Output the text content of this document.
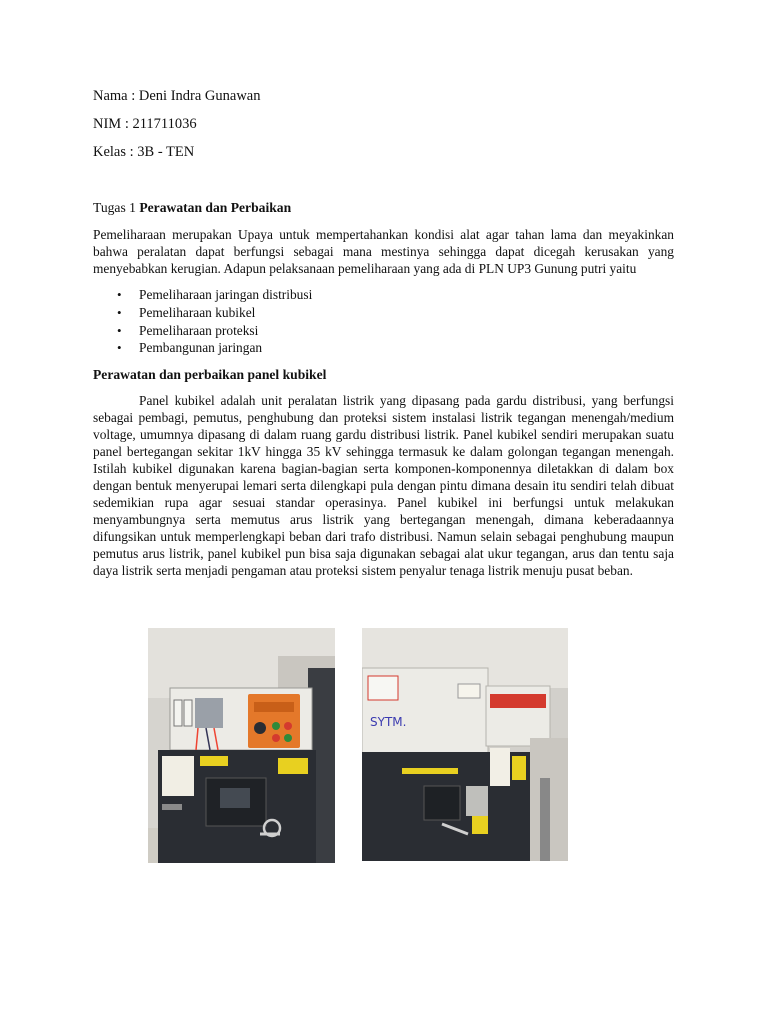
Nama : Deni Indra Gunawan
NIM : 211711036
Kelas : 3B - TEN
Tugas 1 Perawatan dan Perbaikan

Pemeliharaan merupakan Upaya untuk mempertahankan kondisi alat agar tahan lama dan meyakinkan bahwa peralatan dapat berfungsi sebagai mana mestinya sehingga dapat dicegah kerusakan yang menyebabkan kerugian. Adapun pelaksanaan pemeliharaan yang ada di PLN UP3 Gunung putri yaitu

• Pemeliharaan jaringan distribusi
• Pemeliharaan kubikel
• Pemeliharaan proteksi
• Pembangunan jaringan
Perawatan dan perbaikan panel kubikel

Panel kubikel adalah unit peralatan listrik yang dipasang pada gardu distribusi, yang berfungsi sebagai pembagi, pemutus, penghubung dan proteksi sistem instalasi listrik tegangan menengah/medium voltage, umumnya dipasang di dalam ruang gardu distribusi listrik. Panel kubikel sendiri merupakan suatu panel bertegangan sekitar 1kV hingga 35 kV sehingga termasuk ke dalam golongan tegangan menengah. Istilah kubikel digunakan karena bagian-bagian serta komponen-komponennya diletakkan di dalam box dengan bentuk menyerupai lemari serta dilengkapi pula dengan pintu dimana desain itu sendiri telah dibuat sedemikian rupa agar sesuai standar operasinya. Panel kubikel ini berfungsi untuk melakukan menyambungnya serta memutus arus listrik yang bertegangan menengah, dimana keberadaannya difungsikan untuk memperlengkapi beban dari trafo distribusi. Namun selain sebagai penghubung maupun pemutus arus listrik, panel kubikel pun bisa saja digunakan sebagai alat ukur tegangan, arus dan tentu saja daya listrik serta menjadi pengaman atau proteksi sistem penyalur tenaga listrik menuju pusat beban.

SYTM.
